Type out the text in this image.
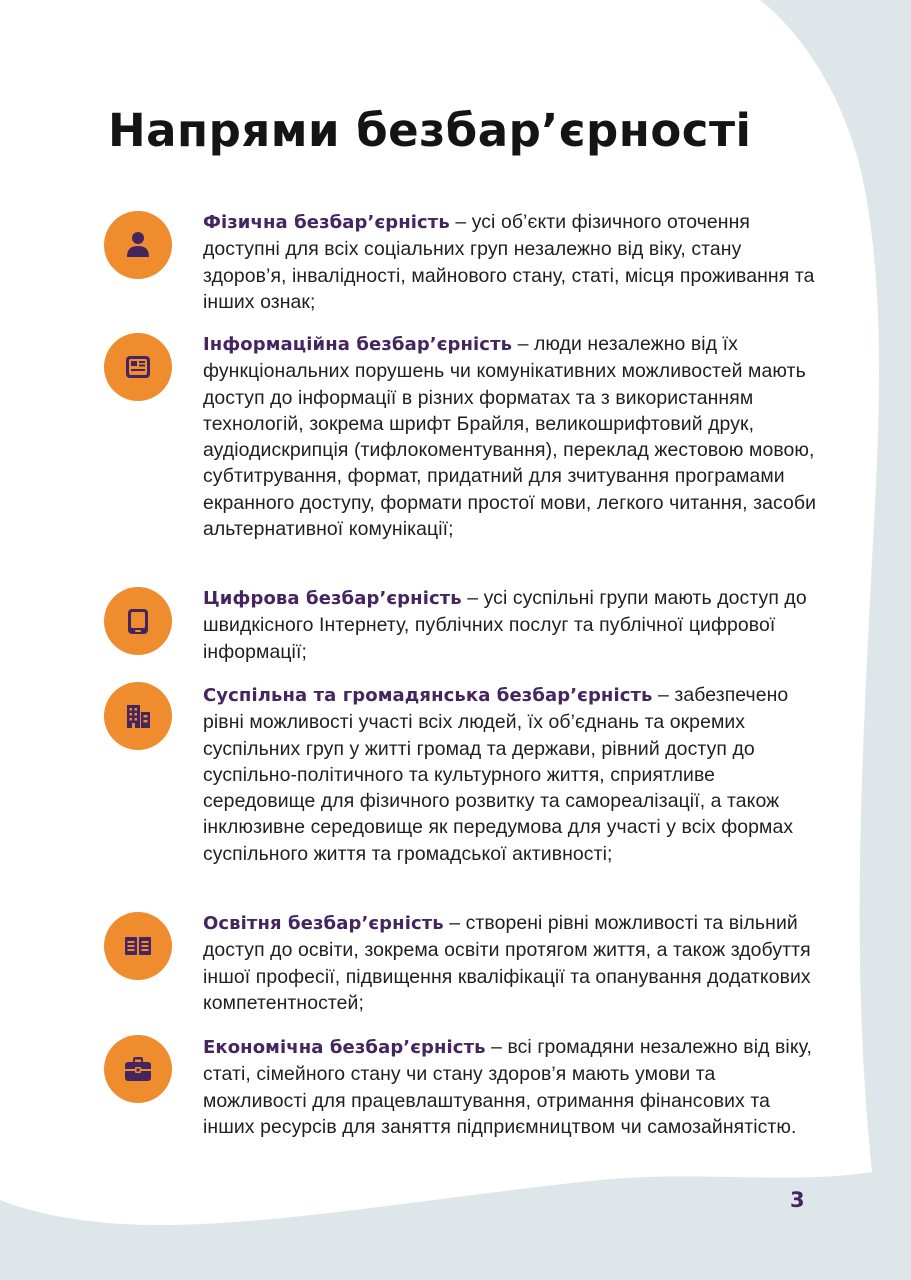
Напрями безбар’єрності

Фізична безбар’єрність – усі об’єкти фізичного оточення доступні для всіх соціальних груп незалежно від віку, стану здоров’я, інвалідності, майнового стану, статі, місця проживання та інших ознак;

Інформаційна безбар’єрність – люди незалежно від їх функціональних порушень чи комунікативних можливостей мають доступ до інформації в різних форматах та з використанням технологій, зокрема шрифт Брайля, великошрифтовий друк, аудіодискрипція (тифлокоментування), переклад жестовою мовою, субтитрування, формат, придатний для зчитування програмами екранного доступу, формати простої мови, легкого читання, засоби альтернативної комунікації;

Цифрова безбар’єрність – усі суспільні групи мають доступ до швидкісного Інтернету, публічних послуг та публічної цифрової інформації;

Суспільна та громадянська безбар’єрність – забезпечено рівні можливості участі всіх людей, їх об’єднань та окремих суспільних груп у житті громад та держави, рівний доступ до суспільно-політичного та культурного життя, сприятливе середовище для фізичного розвитку та самореалізації, а також інклюзивне середовище як передумова для участі у всіх формах суспільного життя та громадської активності;

Освітня безбар’єрність – створені рівні можливості та вільний доступ до освіти, зокрема освіти протягом життя, а також здобуття іншої професії, підвищення кваліфікації та опанування додаткових компетентностей;

Економічна безбар’єрність – всі громадяни незалежно від віку, статі, сімейного стану чи стану здоров’я мають умови та можливості для працевлаштування, отримання фінансових та інших ресурсів для заняття підприємництвом чи самозайнятістю.

3
